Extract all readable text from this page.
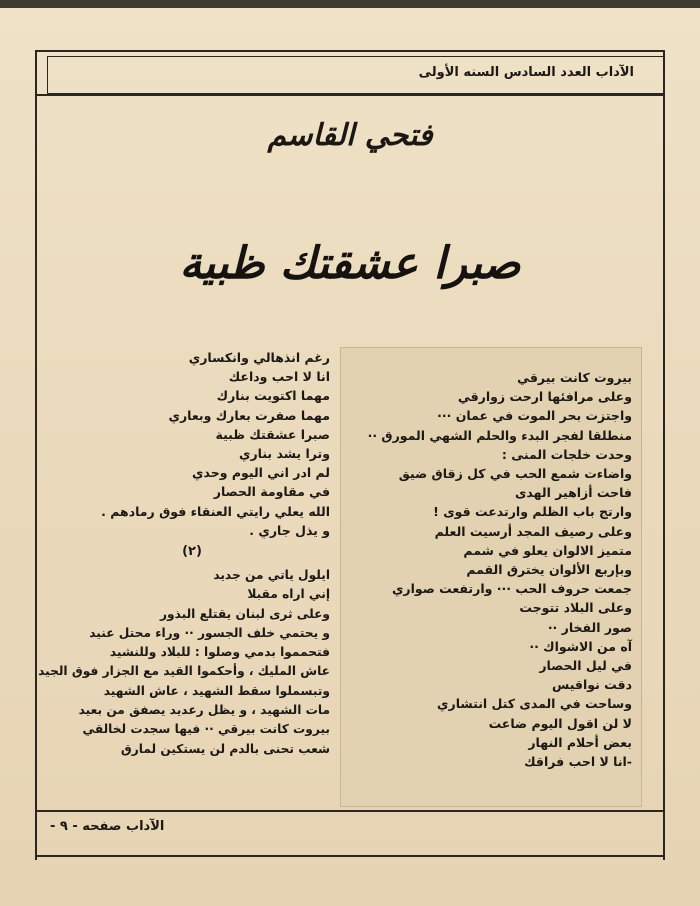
الآداب العدد السادس السنه الأولى
فتحي القاسم
صبرا عشقتك ظبية
بيروت كانت بيرقي
وعلى مرافئها ارحت زوارقي
واجتزت بحر الموت في عمان ···
منطلقا لفجر البدء والحلم الشهي المورق ··
وحدت خلجات المنى :
واضاءت شمع الحب في كل زقاق ضيق
فاحت أزاهير الهدى
وارتج باب الظلم وارتدعت قوى !
وعلى رصيف المجد أرسيت العلم
متميز الالوان يعلو في شمم
وبإربع الألوان يخترق القمم
جمعت حروف الحب ··· وارتفعت صواري
وعلى البلاد تتوجت
صور الفخار ··
آه من الاشواك ··
في ليل الحصار
دقت نواقيس
وساحت في المدى كتل انتشاري
لا لن اقول اليوم ضاعت
بعض أحلام النهار
-انا لا احب فراقك
رغم انذهالي وانكساري
انا لا احب وداعك
مهما اكتويت بنارك
مهما صفرت بعارك وبعاري
صبرا عشقتك ظبية
وترا يشد بناري
لم ادر اني اليوم وحدي
في مقاومة الحصار
الله يعلي رايتي العنقاء فوق رمادهم .
و يذل جاري .
(٢)
ايلول ياتي من جديد
إني اراه مقبلا
وعلى ثرى لبنان يقتلع البذور
و يحتمي خلف الجسور ·· وراء محتل عنيد
فتحمموا بدمي وصلوا : للبلاد وللنشيد
عاش المليك ، وأحكموا القيد مع الجزار فوق الجيد
وتبسملوا سقط الشهيد ، عاش الشهيد
مات الشهيد ، و يظل رعديد يصفق من بعيد
بيروت كانت بيرقي ·· فيها سجدت لخالقي
شعب تحنى بالدم لن يستكين لمارق
الآداب صفحه - ٩ -
